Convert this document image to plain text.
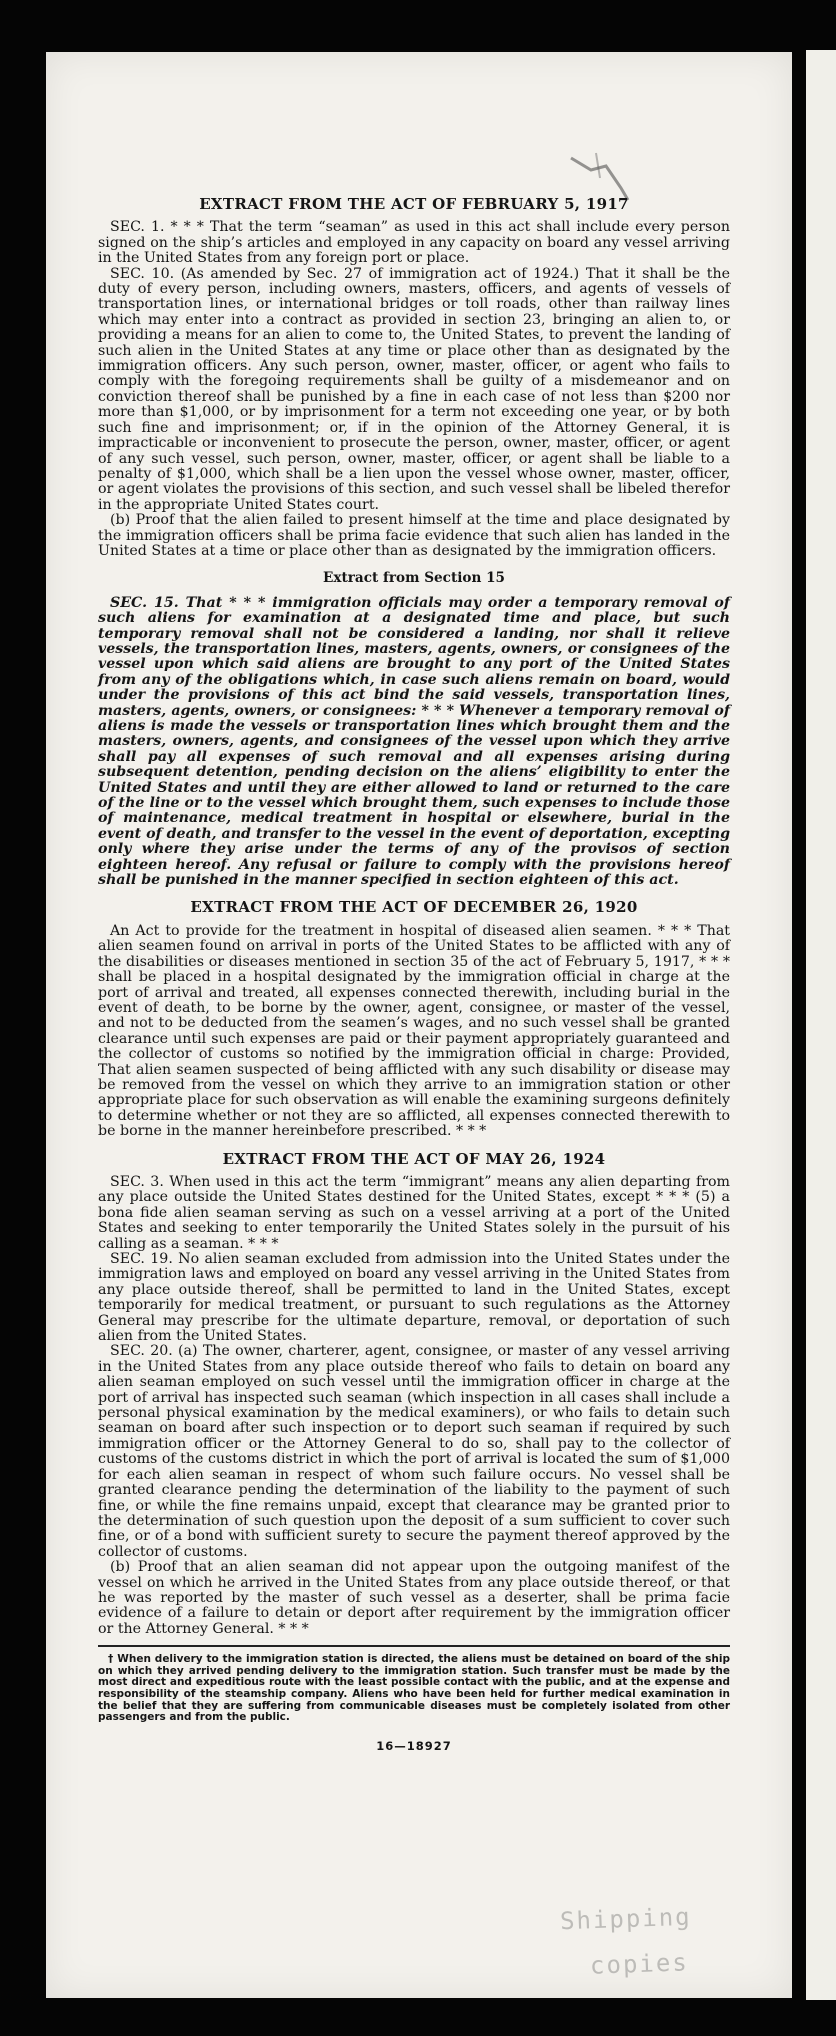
EXTRACT FROM THE ACT OF FEBRUARY 5, 1917

SEC. 1. * * * That the term “seaman” as used in this act shall include every person signed on the ship’s articles and employed in any capacity on board any vessel arriving in the United States from any foreign port or place.

SEC. 10. (As amended by Sec. 27 of immigration act of 1924.) That it shall be the duty of every person, including owners, masters, officers, and agents of vessels of transportation lines, or international bridges or toll roads, other than railway lines which may enter into a contract as provided in section 23, bringing an alien to, or providing a means for an alien to come to, the United States, to prevent the landing of such alien in the United States at any time or place other than as designated by the immigration officers. Any such person, owner, master, officer, or agent who fails to comply with the foregoing requirements shall be guilty of a misdemeanor and on conviction thereof shall be punished by a fine in each case of not less than $200 nor more than $1,000, or by imprisonment for a term not exceeding one year, or by both such fine and imprisonment; or, if in the opinion of the Attorney General, it is impracticable or inconvenient to prosecute the person, owner, master, officer, or agent of any such vessel, such person, owner, master, officer, or agent shall be liable to a penalty of $1,000, which shall be a lien upon the vessel whose owner, master, officer, or agent violates the provisions of this section, and such vessel shall be libeled therefor in the appropriate United States court.

(b) Proof that the alien failed to present himself at the time and place designated by the immigration officers shall be prima facie evidence that such alien has landed in the United States at a time or place other than as designated by the immigration officers.

Extract from Section 15

SEC. 15. That * * * immigration officials may order a temporary removal of such aliens for examination at a designated time and place, but such temporary removal shall not be considered a landing, nor shall it relieve vessels, the transportation lines, masters, agents, owners, or consignees of the vessel upon which said aliens are brought to any port of the United States from any of the obligations which, in case such aliens remain on board, would under the provisions of this act bind the said vessels, transportation lines, masters, agents, owners, or consignees: * * * Whenever a temporary removal of aliens is made the vessels or transportation lines which brought them and the masters, owners, agents, and consignees of the vessel upon which they arrive shall pay all expenses of such removal and all expenses arising during subsequent detention, pending decision on the aliens’ eligibility to enter the United States and until they are either allowed to land or returned to the care of the line or to the vessel which brought them, such expenses to include those of maintenance, medical treatment in hospital or elsewhere, burial in the event of death, and transfer to the vessel in the event of deportation, excepting only where they arise under the terms of any of the provisos of section eighteen hereof. Any refusal or failure to comply with the provisions hereof shall be punished in the manner specified in section eighteen of this act.

EXTRACT FROM THE ACT OF DECEMBER 26, 1920

An Act to provide for the treatment in hospital of diseased alien seamen. * * * That alien seamen found on arrival in ports of the United States to be afflicted with any of the disabilities or diseases mentioned in section 35 of the act of February 5, 1917, * * * shall be placed in a hospital designated by the immigration official in charge at the port of arrival and treated, all expenses connected therewith, including burial in the event of death, to be borne by the owner, agent, consignee, or master of the vessel, and not to be deducted from the seamen’s wages, and no such vessel shall be granted clearance until such expenses are paid or their payment appropriately guaranteed and the collector of customs so notified by the immigration official in charge: Provided, That alien seamen suspected of being afflicted with any such disability or disease may be removed from the vessel on which they arrive to an immigration station or other appropriate place for such observation as will enable the examining surgeons definitely to determine whether or not they are so afflicted, all expenses connected therewith to be borne in the manner hereinbefore prescribed. * * *

EXTRACT FROM THE ACT OF MAY 26, 1924

SEC. 3. When used in this act the term “immigrant” means any alien departing from any place outside the United States destined for the United States, except * * * (5) a bona fide alien seaman serving as such on a vessel arriving at a port of the United States and seeking to enter temporarily the United States solely in the pursuit of his calling as a seaman. * * *

SEC. 19. No alien seaman excluded from admission into the United States under the immigration laws and employed on board any vessel arriving in the United States from any place outside thereof, shall be permitted to land in the United States, except temporarily for medical treatment, or pursuant to such regulations as the Attorney General may prescribe for the ultimate departure, removal, or deportation of such alien from the United States.

SEC. 20. (a) The owner, charterer, agent, consignee, or master of any vessel arriving in the United States from any place outside thereof who fails to detain on board any alien seaman employed on such vessel until the immigration officer in charge at the port of arrival has inspected such seaman (which inspection in all cases shall include a personal physical examination by the medical examiners), or who fails to detain such seaman on board after such inspection or to deport such seaman if required by such immigration officer or the Attorney General to do so, shall pay to the collector of customs of the customs district in which the port of arrival is located the sum of $1,000 for each alien seaman in respect of whom such failure occurs. No vessel shall be granted clearance pending the determination of the liability to the payment of such fine, or while the fine remains unpaid, except that clearance may be granted prior to the determination of such question upon the deposit of a sum sufficient to cover such fine, or of a bond with sufficient surety to secure the payment thereof approved by the collector of customs.

(b) Proof that an alien seaman did not appear upon the outgoing manifest of the vessel on which he arrived in the United States from any place outside thereof, or that he was reported by the master of such vessel as a deserter, shall be prima facie evidence of a failure to detain or deport after requirement by the immigration officer or the Attorney General. * * *

† When delivery to the immigration station is directed, the aliens must be detained on board of the ship on which they arrived pending delivery to the immigration station. Such transfer must be made by the most direct and expeditious route with the least possible contact with the public, and at the expense and responsibility of the steamship company. Aliens who have been held for further medical examination in the belief that they are suffering from communicable diseases must be completely isolated from other passengers and from the public.

16—18927

Shipping
copies
